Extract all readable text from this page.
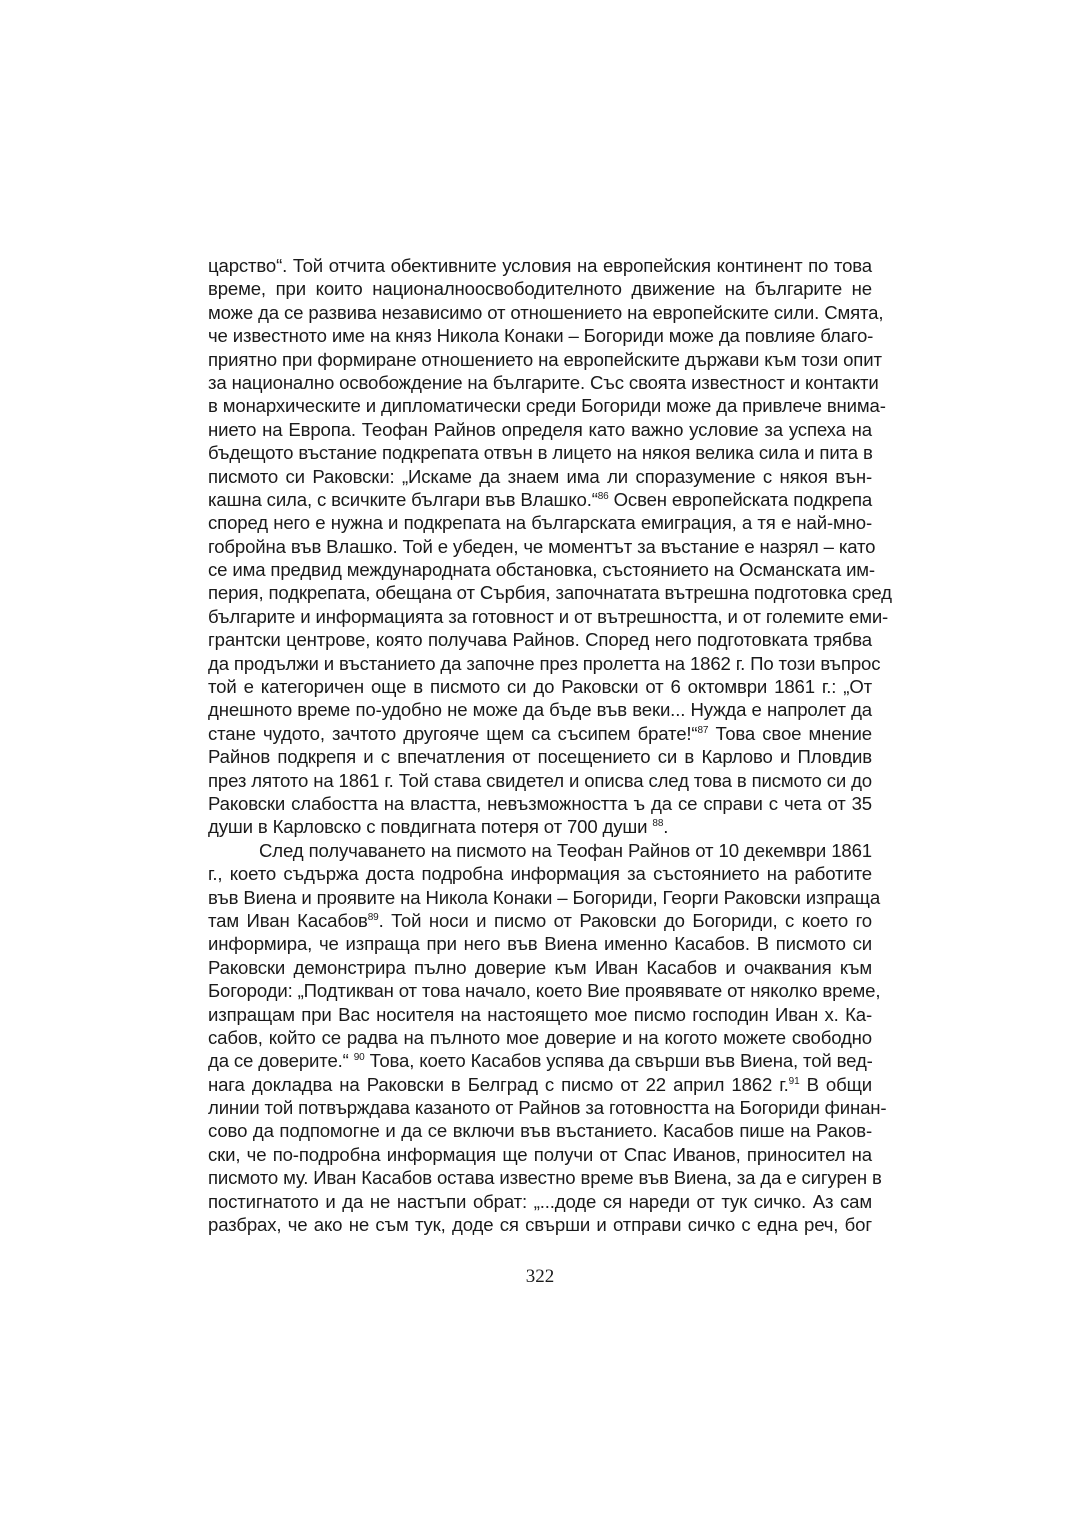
царство“. Той отчита обективните условия на европейския континент по това
време, при които националноосвободителното движение на българите не
може да се развива независимо от отношението на европейските сили. Смята,
че известното име на княз Никола Конаки – Богориди може да повлияе благо-
приятно при формиране отношението на европейските държави към този опит
за национално освобождение на българите. Със своята известност и контакти
в монархическите и дипломатически среди Богориди може да привлече внима-
нието на Европа. Теофан Райнов определя като важно условие за успеха на
бъдещото въстание подкрепата отвън в лицето на някоя велика сила и пита в
писмото си Раковски: „Искаме да знаем има ли споразумение с някоя вън-
кашна сила, с всичките българи във Влашко.“$^{86}$ Освен европейската подкрепа
според него е нужна и подкрепата на българската емиграция, а тя е най-мно-
гобройна във Влашко. Той е убеден, че моментът за въстание е назрял – като
се има предвид международната обстановка, състоянието на Османската им-
перия, подкрепата, обещана от Сърбия, започнатата вътрешна подготовка сред
българите и информацията за готовност и от вътрешността, и от големите еми-
грантски центрове, която получава Райнов. Според него подготовката трябва
да продължи и въстанието да започне през пролетта на 1862 г. По този въпрос
той е категоричен още в писмото си до Раковски от 6 октомври 1861 г.: „От
днешното време по-удобно не може да бъде във веки... Нужда е напролет да
стане чудото, зачтото другояче щем са съсипем брате!“$^{87}$ Това свое мнение
Райнов подкрепя и с впечатления от посещението си в Карлово и Пловдив
през лятото на 1861 г. Той става свидетел и описва след това в писмото си до
Раковски слабостта на властта, невъзможността ъ да се справи с чета от 35
души в Карловско с повдигната потеря от 700 души $^{88}$.
След получаването на писмото на Теофан Райнов от 10 декември 1861
г., което съдържа доста подробна информация за състоянието на работите
във Виена и проявите на Никола Конаки – Богориди, Георги Раковски изпраща
там Иван Касабов$^{89}$. Той носи и писмо от Раковски до Богориди, с което го
информира, че изпраща при него във Виена именно Касабов. В писмото си
Раковски демонстрира пълно доверие към Иван Касабов и очаквания към
Богороди: „Подтикван от това начало, което Вие проявявате от няколко време,
изпращам при Вас носителя на настоящето мое писмо господин Иван х. Ка-
сабов, който се радва на пълното мое доверие и на когото можете свободно
да се доверите.“ $^{90}$ Това, което Касабов успява да свърши във Виена, той вед-
нага докладва на Раковски в Белград с писмо от 22 април 1862 г.$^{91}$ В общи
линии той потвърждава казаното от Райнов за готовността на Богориди финан-
сово да подпомогне и да се включи във въстанието. Касабов пише на Раков-
ски, че по-подробна информация ще получи от Спас Иванов, приносител на
писмото му. Иван Касабов остава известно време във Виена, за да е сигурен в
постигнатото и да не настъпи обрат: „...доде ся нареди от тук сичко. Аз сам
разбрах, че ако не съм тук, доде ся свърши и отправи сичко с една реч, бог
322
